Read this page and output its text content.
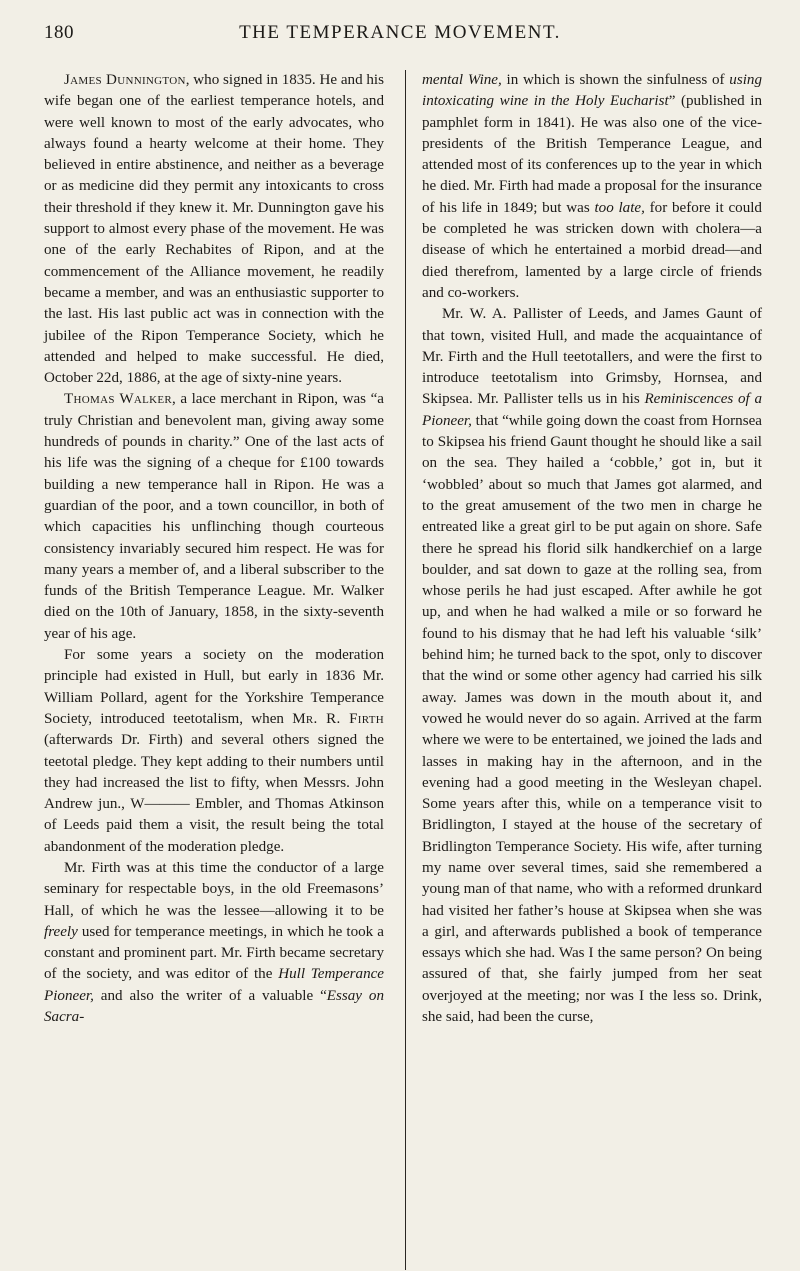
180	THE TEMPERANCE MOVEMENT.

James Dunnington, who signed in 1835. He and his wife began one of the earliest temperance hotels, and were well known to most of the early advocates, who always found a hearty welcome at their home. They believed in entire abstinence, and neither as a beverage or as medicine did they permit any intoxicants to cross their threshold if they knew it. Mr. Dunnington gave his support to almost every phase of the movement. He was one of the early Rechabites of Ripon, and at the commencement of the Alliance movement, he readily became a member, and was an enthusiastic supporter to the last. His last public act was in connection with the jubilee of the Ripon Temperance Society, which he attended and helped to make successful. He died, October 22d, 1886, at the age of sixty-nine years.

Thomas Walker, a lace merchant in Ripon, was “a truly Christian and benevolent man, giving away some hundreds of pounds in charity.” One of the last acts of his life was the signing of a cheque for £100 towards building a new temperance hall in Ripon. He was a guardian of the poor, and a town councillor, in both of which capacities his unflinching though courteous consistency invariably secured him respect. He was for many years a member of, and a liberal subscriber to the funds of the British Temperance League. Mr. Walker died on the 10th of January, 1858, in the sixty-seventh year of his age.

For some years a society on the moderation principle had existed in Hull, but early in 1836 Mr. William Pollard, agent for the Yorkshire Temperance Society, introduced teetotalism, when Mr. R. Firth (afterwards Dr. Firth) and several others signed the teetotal pledge. They kept adding to their numbers until they had increased the list to fifty, when Messrs. John Andrew jun., W——— Embler, and Thomas Atkinson of Leeds paid them a visit, the result being the total abandonment of the moderation pledge.

Mr. Firth was at this time the conductor of a large seminary for respectable boys, in the old Freemasons’ Hall, of which he was the lessee—allowing it to be freely used for temperance meetings, in which he took a constant and prominent part. Mr. Firth became secretary of the society, and was editor of the Hull Temperance Pioneer, and also the writer of a valuable “Essay on Sacra-

mental Wine, in which is shown the sinfulness of using intoxicating wine in the Holy Eucharist” (published in pamphlet form in 1841). He was also one of the vice-presidents of the British Temperance League, and attended most of its conferences up to the year in which he died. Mr. Firth had made a proposal for the insurance of his life in 1849; but was too late, for before it could be completed he was stricken down with cholera—a disease of which he entertained a morbid dread—and died therefrom, lamented by a large circle of friends and co-workers.

Mr. W. A. Pallister of Leeds, and James Gaunt of that town, visited Hull, and made the acquaintance of Mr. Firth and the Hull teetotallers, and were the first to introduce teetotalism into Grimsby, Hornsea, and Skipsea. Mr. Pallister tells us in his Reminiscences of a Pioneer, that “while going down the coast from Hornsea to Skipsea his friend Gaunt thought he should like a sail on the sea. They hailed a ‘cobble,’ got in, but it ‘wobbled’ about so much that James got alarmed, and to the great amusement of the two men in charge he entreated like a great girl to be put again on shore. Safe there he spread his florid silk handkerchief on a large boulder, and sat down to gaze at the rolling sea, from whose perils he had just escaped. After awhile he got up, and when he had walked a mile or so forward he found to his dismay that he had left his valuable ‘silk’ behind him; he turned back to the spot, only to discover that the wind or some other agency had carried his silk away. James was down in the mouth about it, and vowed he would never do so again. Arrived at the farm where we were to be entertained, we joined the lads and lasses in making hay in the afternoon, and in the evening had a good meeting in the Wesleyan chapel. Some years after this, while on a temperance visit to Bridlington, I stayed at the house of the secretary of Bridlington Temperance Society. His wife, after turning my name over several times, said she remembered a young man of that name, who with a reformed drunkard had visited her father’s house at Skipsea when she was a girl, and afterwards published a book of temperance essays which she had. Was I the same person? On being assured of that, she fairly jumped from her seat overjoyed at the meeting; nor was I the less so. Drink, she said, had been the curse,
